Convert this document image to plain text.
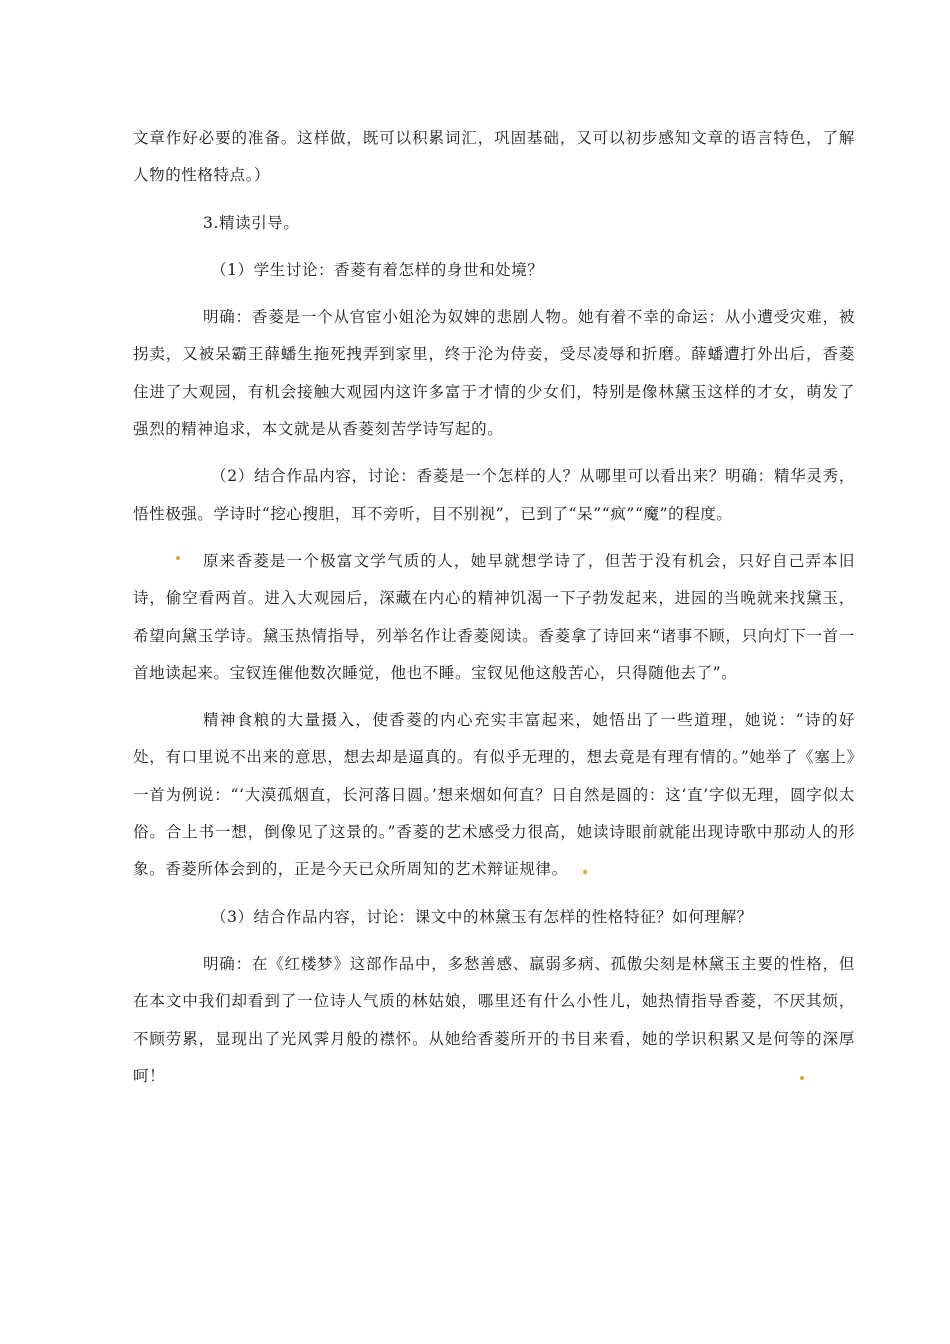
文章作好必要的准备。这样做，既可以积累词汇，巩固基础，又可以初步感知文章的语言特色，了解人物的性格特点。）

3.精读引导。

（1）学生讨论：香菱有着怎样的身世和处境？

明确：香菱是一个从官宦小姐沦为奴婢的悲剧人物。她有着不幸的命运：从小遭受灾难，被拐卖，又被呆霸王薛蟠生拖死拽弄到家里，终于沦为侍妾，受尽凌辱和折磨。薛蟠遭打外出后，香菱住进了大观园，有机会接触大观园内这许多富于才情的少女们，特别是像林黛玉这样的才女，萌发了强烈的精神追求，本文就是从香菱刻苦学诗写起的。

（2）结合作品内容，讨论：香菱是一个怎样的人？从哪里可以看出来？明确：精华灵秀，悟性极强。学诗时“挖心搜胆，耳不旁听，目不别视”，已到了“呆”“疯”“魔”的程度。

原来香菱是一个极富文学气质的人，她早就想学诗了，但苦于没有机会，只好自己弄本旧诗，偷空看两首。进入大观园后，深藏在内心的精神饥渴一下子勃发起来，进园的当晚就来找黛玉，希望向黛玉学诗。黛玉热情指导，列举名作让香菱阅读。香菱拿了诗回来“诸事不顾，只向灯下一首一首地读起来。宝钗连催他数次睡觉，他也不睡。宝钗见他这般苦心，只得随他去了”。

精神食粮的大量摄入，使香菱的内心充实丰富起来，她悟出了一些道理，她说：“诗的好处，有口里说不出来的意思，想去却是逼真的。有似乎无理的，想去竟是有理有情的。”她举了《塞上》一首为例说：“‘大漠孤烟直，长河落日圆。’想来烟如何直？日自然是圆的：这‘直’字似无理，圆字似太俗。合上书一想，倒像见了这景的。”香菱的艺术感受力很高，她读诗眼前就能出现诗歌中那动人的形象。香菱所体会到的，正是今天已众所周知的艺术辩证规律。

（3）结合作品内容，讨论：课文中的林黛玉有怎样的性格特征？如何理解？

明确：在《红楼梦》这部作品中，多愁善感、羸弱多病、孤傲尖刻是林黛玉主要的性格，但在本文中我们却看到了一位诗人气质的林姑娘，哪里还有什么小性儿，她热情指导香菱，不厌其烦，不顾劳累，显现出了光风霁月般的襟怀。从她给香菱所开的书目来看，她的学识积累又是何等的深厚呵！
